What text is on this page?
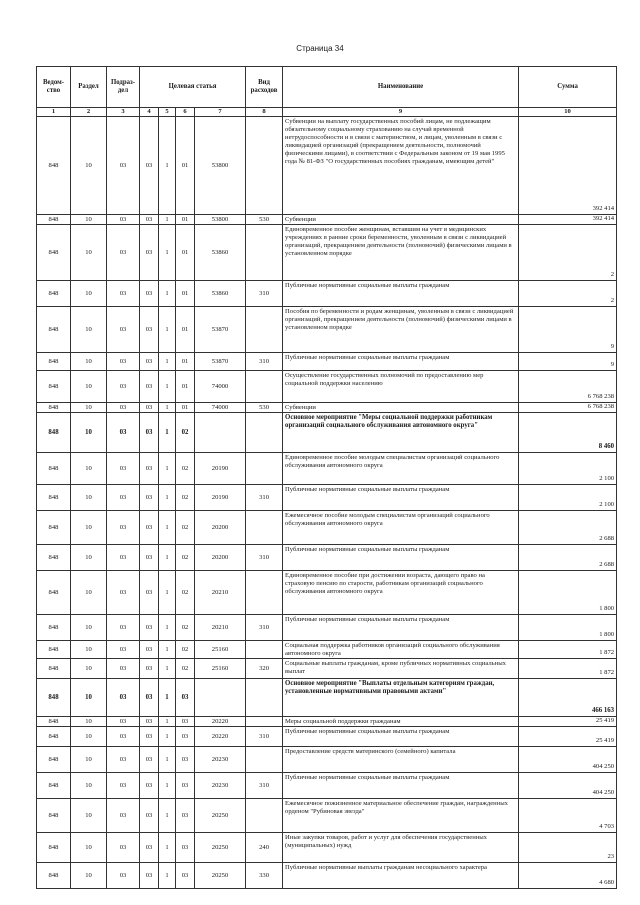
Страница 34
Ведом-ство	Раздел	Подраз-дел	Целевая статья				Вид расходов	Наименование	Сумма
1	2	3	4	5	6	7	8	9	10
848	10	03	03	1	01	53800		Субвенции на выплату государственных пособий лицам, не подлежащим обязательному социальному страхованию на случай временной нетрудоспособности и в связи с материнством, и лицам, уволенным в связи с ликвидацией организаций (прекращением деятельности, полномочий физическими лицами), в соответствии с Федеральным законом от 19 мая 1995 года № 81-ФЗ "О государственных пособиях гражданам, имеющим детей"	392 414
848	10	03	03	1	01	53800	530	Субвенции	392 414
848	10	03	03	1	01	53860		Единовременное пособие женщинам, вставшим на учет в медицинских учреждениях в ранние сроки беременности, уволенным в связи с ликвидацией организаций, прекращением деятельности (полномочий) физическими лицами в установленном порядке	2
848	10	03	03	1	01	53860	310	Публичные нормативные социальные выплаты гражданам	2
848	10	03	03	1	01	53870		Пособия по беременности и родам женщинам, уволенным в связи с ликвидацией организаций, прекращением деятельности (полномочий) физическими лицами в установленном порядке	9
848	10	03	03	1	01	53870	310	Публичные нормативные социальные выплаты гражданам	9
848	10	03	03	1	01	74000		Осуществление государственных полномочий по предоставлению мер социальной поддержки населению	6 768 238
848	10	03	03	1	01	74000	530	Субвенции	6 768 238
848	10	03	03	1	02			Основное мероприятие "Меры социальной поддержки работникам организаций социального обслуживания автономного округа"	8 460
848	10	03	03	1	02	20190		Единовременное пособие молодым специалистам организаций социального обслуживания автономного округа	2 100
848	10	03	03	1	02	20190	310	Публичные нормативные социальные выплаты гражданам	2 100
848	10	03	03	1	02	20200		Ежемесячное пособие молодым специалистам организаций социального обслуживания автономного округа	2 688
848	10	03	03	1	02	20200	310	Публичные нормативные социальные выплаты гражданам	2 688
848	10	03	03	1	02	20210		Единовременное пособие при достижении возраста, дающего право на страховую пенсию по старости, работникам организаций социального обслуживания автономного округа	1 800
848	10	03	03	1	02	20210	310	Публичные нормативные социальные выплаты гражданам	1 800
848	10	03	03	1	02	25160		Социальная поддержка работников организаций социального обслуживания автономного округа	1 872
848	10	03	03	1	02	25160	320	Социальные выплаты гражданам, кроме публичных нормативных социальных выплат	1 872
848	10	03	03	1	03			Основное мероприятие "Выплаты отдельным категориям граждан, установленные нормативными правовыми актами"	466 163
848	10	03	03	1	03	20220		Меры социальной поддержки гражданам	25 419
848	10	03	03	1	03	20220	310	Публичные нормативные социальные выплаты гражданам	25 419
848	10	03	03	1	03	20230		Предоставление средств материнского (семейного) капитала	404 250
848	10	03	03	1	03	20230	310	Публичные нормативные социальные выплаты гражданам	404 250
848	10	03	03	1	03	20250		Ежемесячное пожизненное материальное обеспечение граждан, награжденных орденом "Рубиновая звезда"	4 703
848	10	03	03	1	03	20250	240	Иные закупки товаров, работ и услуг для обеспечения государственных (муниципальных) нужд	23
848	10	03	03	1	03	20250	330	Публичные нормативные выплаты гражданам несоциального характера	4 680
